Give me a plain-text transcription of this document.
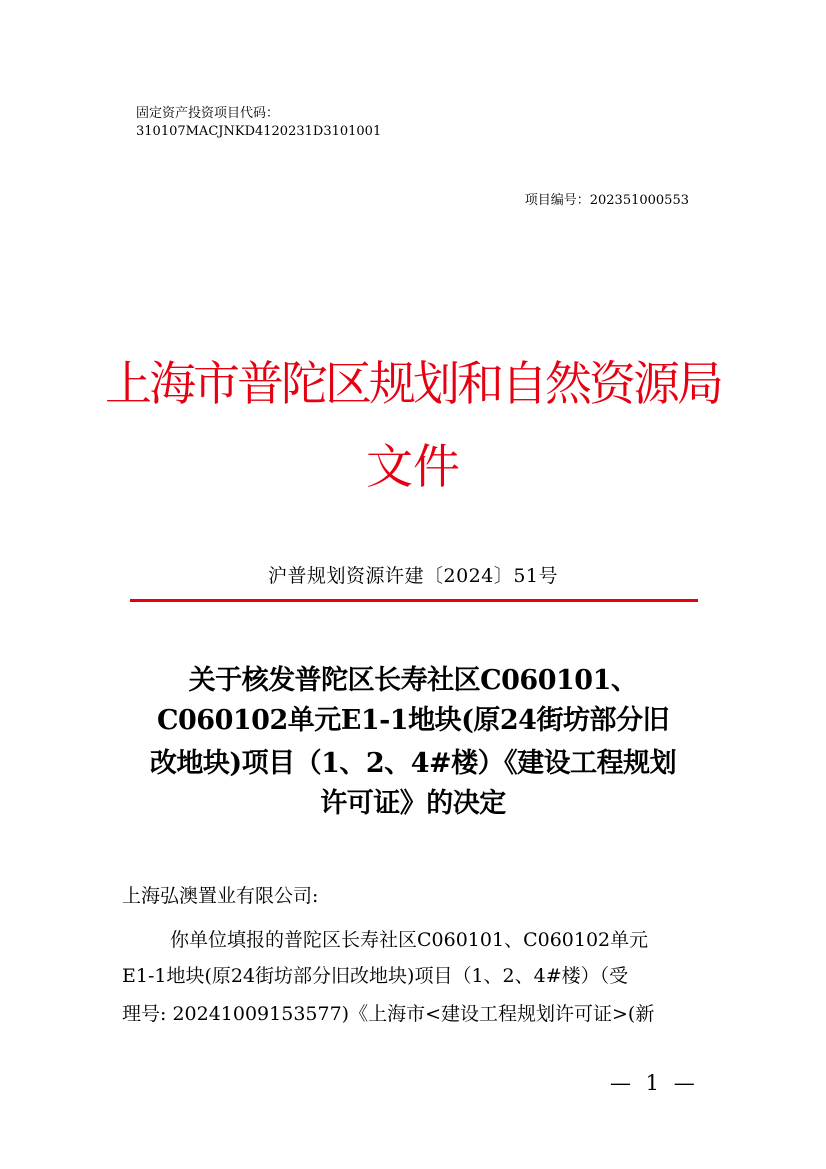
固定资产投资项目代码：
310107MACJNKD4120231D3101001
项目编号：202351000553
上海市普陀区规划和自然资源局
文件
沪普规划资源许建〔2024〕51号
关于核发普陀区长寿社区C060101、
C060102单元E1-1地块(原24街坊部分旧
改地块)项目（1、2、4#楼）《建设工程规划
许可证》的决定
上海弘澳置业有限公司:
你单位填报的普陀区长寿社区C060101、C060102单元
E1-1地块(原24街坊部分旧改地块)项目（1、2、4#楼）（受
理号: 20241009153577)《上海市<建设工程规划许可证>(新
— 1 —
